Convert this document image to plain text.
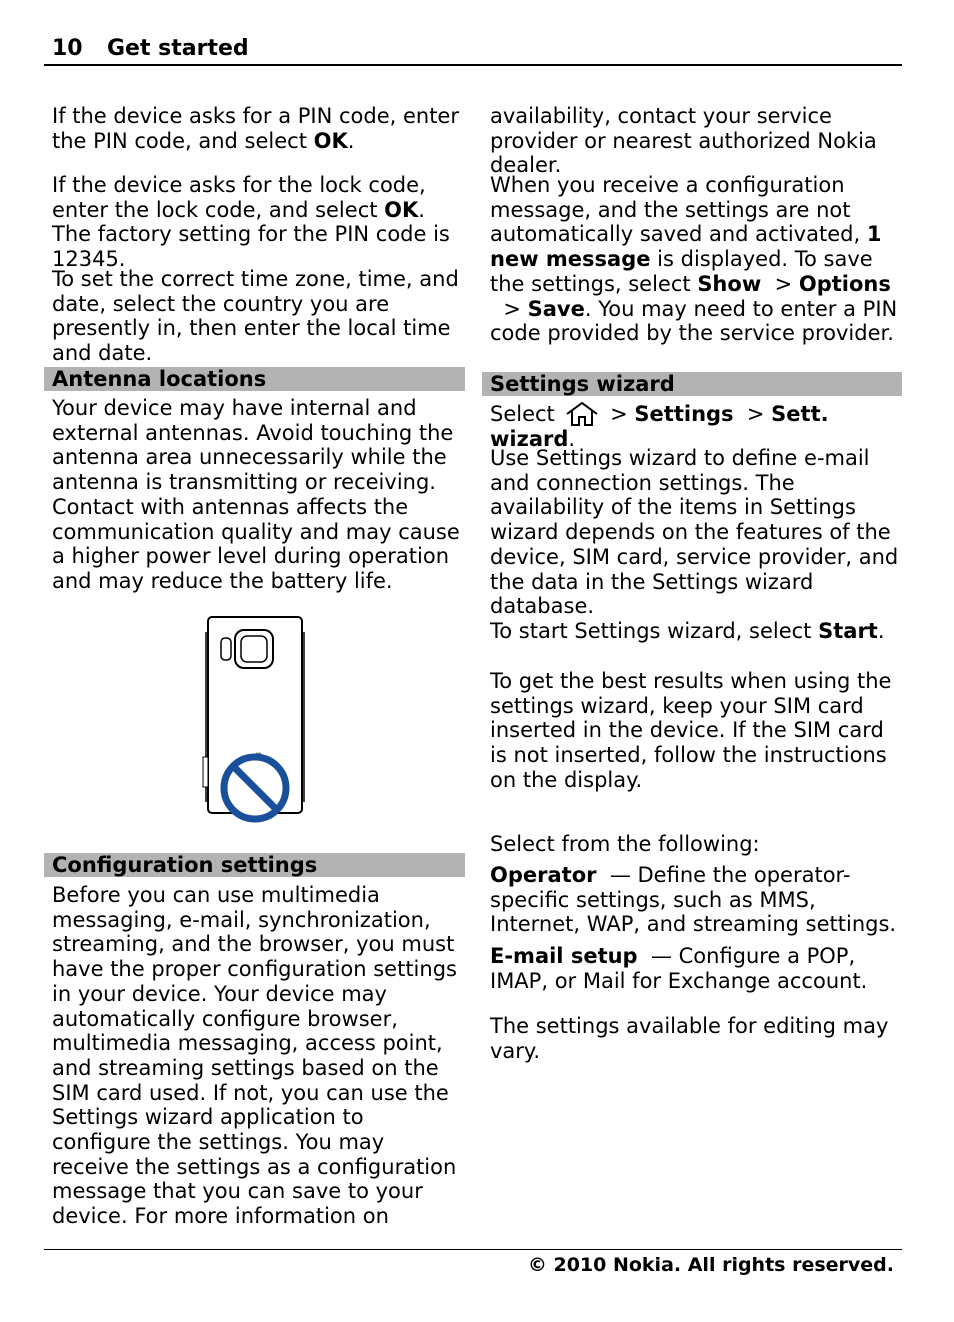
10 Get started

If the device asks for a PIN code, enter the PIN code, and select OK.

If the device asks for the lock code, enter the lock code, and select OK. The factory setting for the PIN code is 12345.

To set the correct time zone, time, and date, select the country you are presently in, then enter the local time and date.

Antenna locations

Your device may have internal and external antennas. Avoid touching the antenna area unnecessarily while the antenna is transmitting or receiving. Contact with antennas affects the communication quality and may cause a higher power level during operation and may reduce the battery life.

Configuration settings

Before you can use multimedia messaging, e-mail, synchronization, streaming, and the browser, you must have the proper configuration settings in your device. Your device may automatically configure browser, multimedia messaging, access point, and streaming settings based on the SIM card used. If not, you can use the Settings wizard application to configure the settings. You may receive the settings as a configuration message that you can save to your device. For more information on

availability, contact your service provider or nearest authorized Nokia dealer.

When you receive a configuration message, and the settings are not automatically saved and activated, 1 new message is displayed. To save the settings, select Show  > Options  > Save. You may need to enter a PIN code provided by the service provider.

Settings wizard

Select  > Settings  > Sett. wizard.

Use Settings wizard to define e-mail and connection settings. The availability of the items in Settings wizard depends on the features of the device, SIM card, service provider, and the data in the Settings wizard database.

To start Settings wizard, select Start.

To get the best results when using the settings wizard, keep your SIM card inserted in the device. If the SIM card is not inserted, follow the instructions on the display.

Select from the following:

Operator  — Define the operator-specific settings, such as MMS, Internet, WAP, and streaming settings.

E-mail setup  — Configure a POP, IMAP, or Mail for Exchange account.

The settings available for editing may vary.

© 2010 Nokia. All rights reserved.
